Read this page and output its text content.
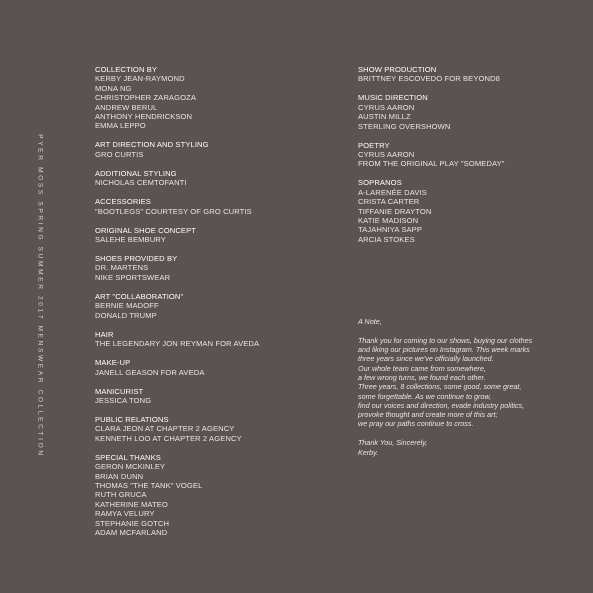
PYER MOSS SPRING SUMMER 2017 MENSWEAR COLLECTION
COLLECTION BY
KERBY JEAN-RAYMOND
MONA NG
CHRISTOPHER ZARAGOZA
ANDREW BERUL
ANTHONY HENDRICKSON
EMMA LEPPO
ART DIRECTION AND STYLING
GRO CURTIS
ADDITIONAL STYLING
NICHOLAS CEMTOFANTI
ACCESSORIES
"BOOTLEGS" COURTESY OF GRO CURTIS
ORIGINAL SHOE CONCEPT
SALEHE BEMBURY
SHOES PROVIDED BY
DR. MARTENS
NIKE SPORTSWEAR
ART "COLLABORATION"
BERNIE MADOFF
DONALD TRUMP
HAIR
THE LEGENDARY JON REYMAN FOR AVEDA
MAKE-UP
JANELL GEASON FOR AVEDA
MANICURIST
JESSICA TONG
PUBLIC RELATIONS
CLARA JEON AT CHAPTER 2 AGENCY
KENNETH LOO AT CHAPTER 2 AGENCY
SPECIAL THANKS
GERON MCKINLEY
BRIAN DUNN
THOMAS "THE TANK" VOGEL
RUTH GRUCA
KATHERINE MATEO
RAMYA VELURY
STEPHANIE GOTCH
ADAM MCFARLAND
SHOW PRODUCTION
BRITTNEY ESCOVEDO FOR BEYOND8
MUSIC DIRECTION
CYRUS AARON
AUSTIN MILLZ
STERLING OVERSHOWN
POETRY
CYRUS AARON
FROM THE ORIGINAL PLAY "SOMEDAY"
SOPRANOS
A-LARENÉE DAVIS
CRISTA CARTER
TIFFANIE DRAYTON
KATIE MADISON
TAJAHNIYA SAPP
ARCIA STOKES

A Note,

Thank you for coming to our shows, buying our clothes
and liking our pictures on Instagram. This week marks
three years since we've officially launched.
Our whole team came from somewhere,
a few wrong turns, we found each other.
Three years, 8 collections, some good, some great,
some forgettable. As we continue to grow,
find our voices and direction, evade industry politics,
provoke thought and create more of this art;
we pray our paths continue to cross.
Thank You, Sincerely,
Kerby.
